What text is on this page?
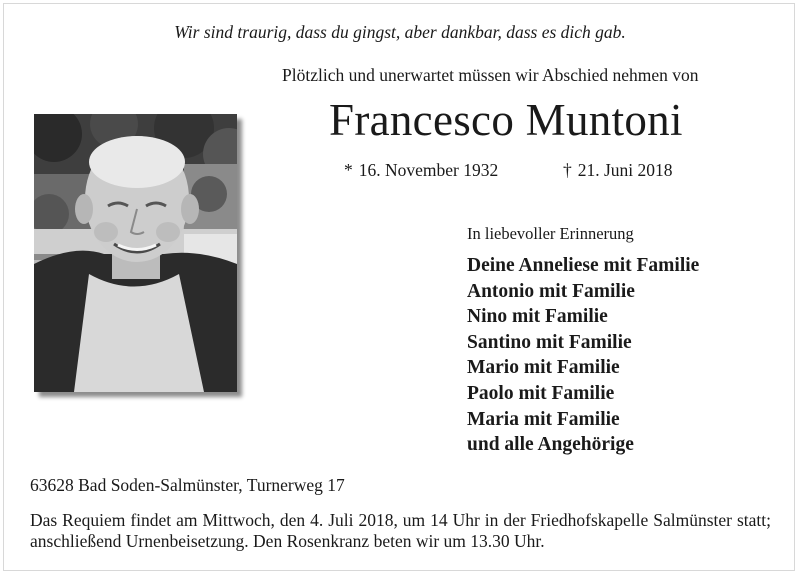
Wir sind traurig, dass du gingst, aber dankbar, dass es dich gab.
Plötzlich und unerwartet müssen wir Abschied nehmen von
Francesco Muntoni
* 16. November 1932	† 21. Juni 2018
In liebevoller Erinnerung
Deine Anneliese mit Familie
Antonio mit Familie
Nino mit Familie
Santino mit Familie
Mario mit Familie
Paolo mit Familie
Maria mit Familie
und alle Angehörige
63628 Bad Soden-Salmünster, Turnerweg 17
Das Requiem findet am Mittwoch, den 4. Juli 2018, um 14 Uhr in der Friedhofskapelle Salmünster statt; anschließend Urnenbeisetzung. Den Rosenkranz beten wir um 13.30 Uhr.
